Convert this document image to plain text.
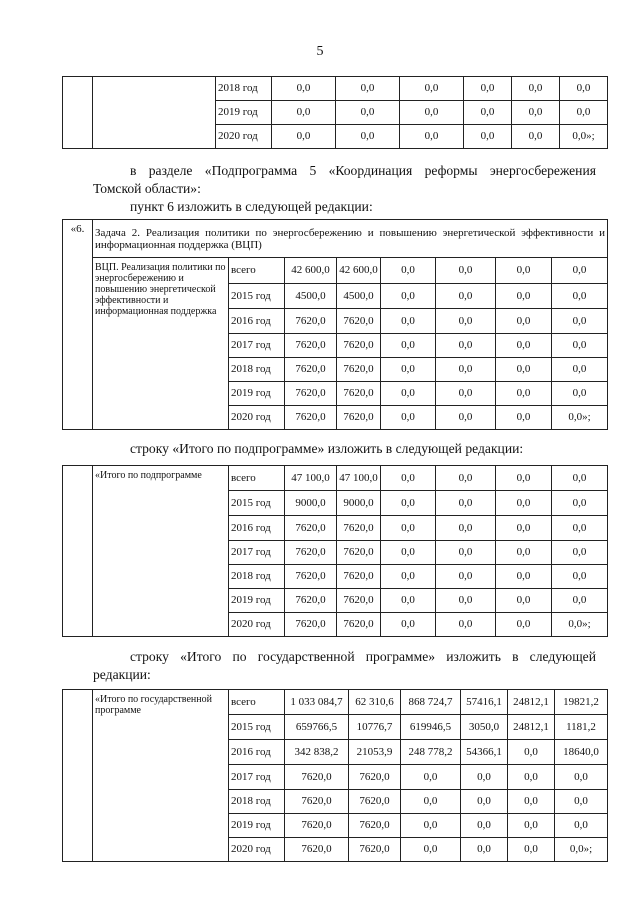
5
		2018 год	0,0	0,0	0,0	0,0	0,0	0,0
		2019 год	0,0	0,0	0,0	0,0	0,0	0,0
		2020 год	0,0	0,0	0,0	0,0	0,0	0,0»;
в разделе «Подпрограмма 5 «Координация реформы энергосбережения
Томской области»:
пункт 6 изложить в следующей редакции:
«6.	Задача 2. Реализация политики по энергосбережению и повышению энергетической эффективности и информационная поддержка (ВЦП)							
	ВЦП. Реализация политики по энергосбережению и повышению энергетической эффективности и информационная поддержка	всего	42 600,0	42 600,0	0,0	0,0	0,0	0,0
		2015 год	4500,0	4500,0	0,0	0,0	0,0	0,0
		2016 год	7620,0	7620,0	0,0	0,0	0,0	0,0
		2017 год	7620,0	7620,0	0,0	0,0	0,0	0,0
		2018 год	7620,0	7620,0	0,0	0,0	0,0	0,0
		2019 год	7620,0	7620,0	0,0	0,0	0,0	0,0
		2020 год	7620,0	7620,0	0,0	0,0	0,0	0,0»;
строку «Итого по подпрограмме» изложить в следующей редакции:
	«Итого по подпрограмме	всего	47 100,0	47 100,0	0,0	0,0	0,0	0,0
		2015 год	9000,0	9000,0	0,0	0,0	0,0	0,0
		2016 год	7620,0	7620,0	0,0	0,0	0,0	0,0
		2017 год	7620,0	7620,0	0,0	0,0	0,0	0,0
		2018 год	7620,0	7620,0	0,0	0,0	0,0	0,0
		2019 год	7620,0	7620,0	0,0	0,0	0,0	0,0
		2020 год	7620,0	7620,0	0,0	0,0	0,0	0,0»;
строку «Итого по государственной программе» изложить в следующей
редакции:
	«Итого по государственной программе	всего	1 033 084,7	62 310,6	868 724,7	57416,1	24812,1	19821,2
		2015 год	659766,5	10776,7	619946,5	3050,0	24812,1	1181,2
		2016 год	342 838,2	21053,9	248 778,2	54366,1	0,0	18640,0
		2017 год	7620,0	7620,0	0,0	0,0	0,0	0,0
		2018 год	7620,0	7620,0	0,0	0,0	0,0	0,0
		2019 год	7620,0	7620,0	0,0	0,0	0,0	0,0
		2020 год	7620,0	7620,0	0,0	0,0	0,0	0,0»;
